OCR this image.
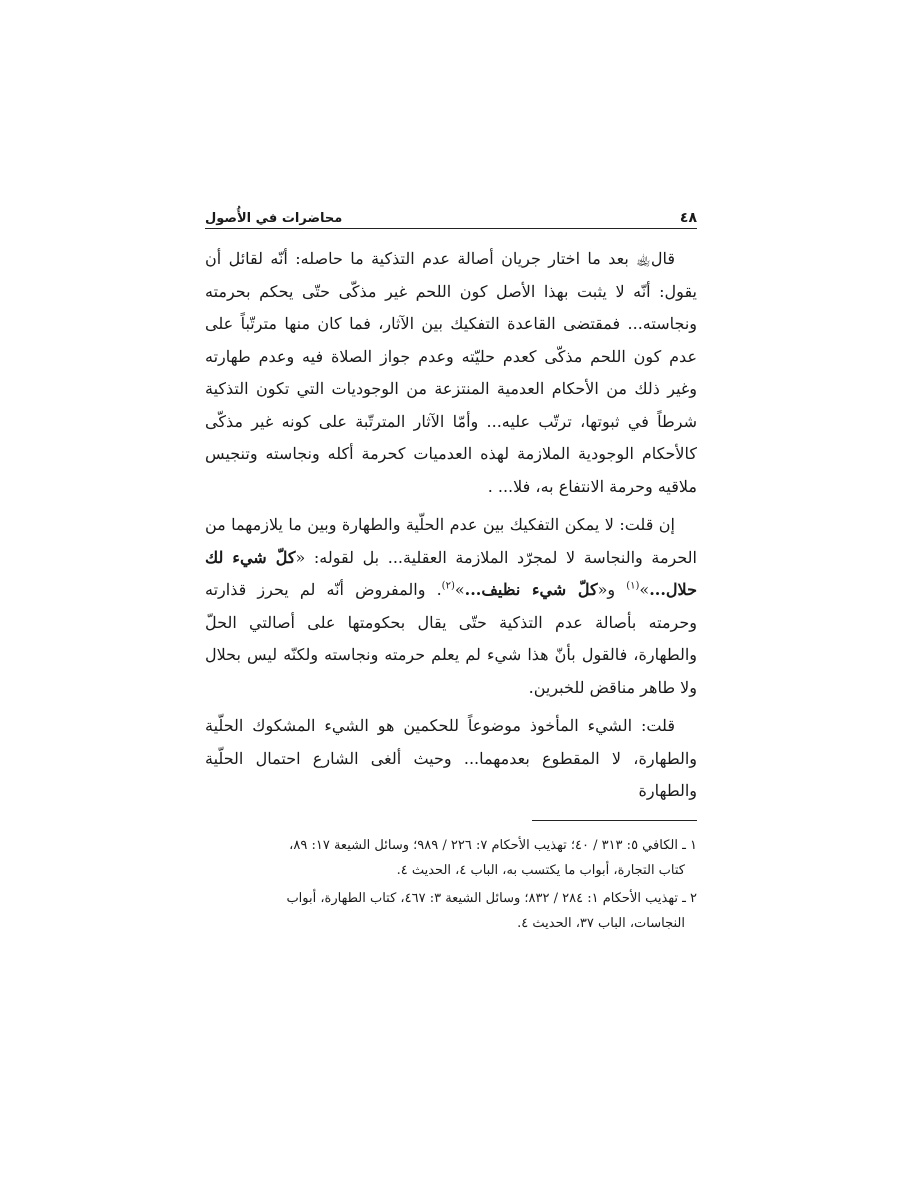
٤٨
محاضرات في الأُصول

قال﵀ بعد ما اختار جريان أصالة عدم التذكية ما حاصله: أنّه لقائل أن يقول: أنّه لا يثبت بهذا الأصل كون اللحم غير مذكّى حتّى يحكم بحرمته ونجاسته... فمقتضى القاعدة التفكيك بين الآثار، فما كان منها مترتّباً على عدم كون اللحم مذكّى كعدم حليّته وعدم جواز الصلاة فيه وعدم طهارته وغير ذلك من الأحكام العدمية المنتزعة من الوجوديات التي تكون التذكية شرطاً في ثبوتها، ترتّب عليه... وأمّا الآثار المترتّبة على كونه غير مذكّى كالأحكام الوجودية الملازمة لهذه العدميات كحرمة أكله ونجاسته وتنجيس ملاقيه وحرمة الانتفاع به، فلا... .

إن قلت: لا يمكن التفكيك بين عدم الحلّية والطهارة وبين ما يلازمهما من الحرمة والنجاسة لا لمجرّد الملازمة العقلية... بل لقوله: «كلّ شيء لك حلال...»$^{(١)}$ و«كلّ شيء نظيف...»$^{(٢)}$. والمفروض أنّه لم يحرز قذارته وحرمته بأصالة عدم التذكية حتّى يقال بحكومتها على أصالتي الحلّ والطهارة، فالقول بأنّ هذا شيء لم يعلم حرمته ونجاسته ولكنّه ليس بحلال ولا طاهر مناقض للخبرين.

قلت: الشيء المأخوذ موضوعاً للحكمين هو الشيء المشكوك الحلّية والطهارة، لا المقطوع بعدمهما... وحيث ألغى الشارع احتمال الحلّية والطهارة

١ ـ الكافي ٥: ٣١٣ / ٤٠؛ تهذيب الأحكام ٧: ٢٢٦ / ٩٨٩؛ وسائل الشيعة ١٧: ٨٩،
كتاب التجارة، أبواب ما يكتسب به، الباب ٤، الحديث ٤.
٢ ـ تهذيب الأحكام ١: ٢٨٤ / ٨٣٢؛ وسائل الشيعة ٣: ٤٦٧، كتاب الطهارة، أبواب
النجاسات، الباب ٣٧، الحديث ٤.
